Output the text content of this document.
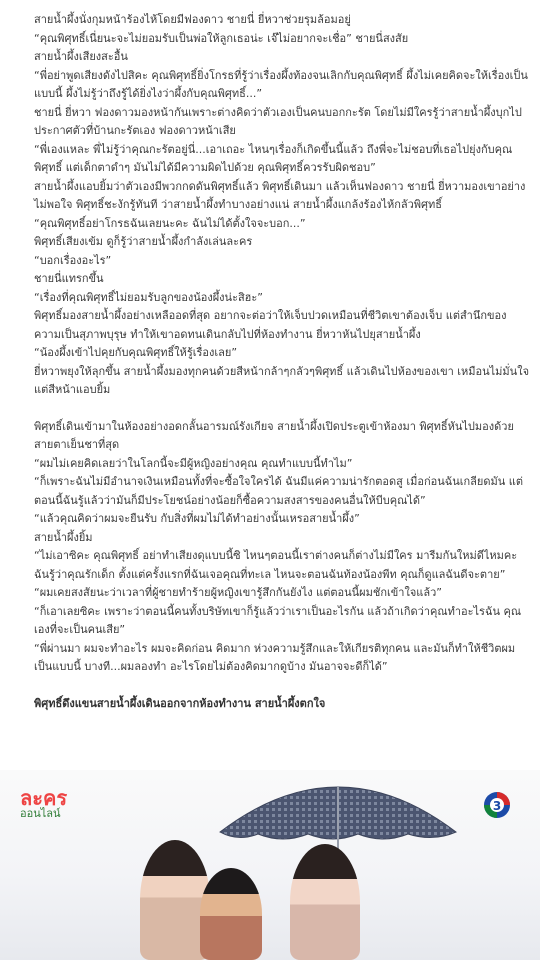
สายน้ำผึ้งนั่งกุมหน้าร้องไห้โดยมีฟองดาว ชายนี่ ยี่หวาช่วยรุมล้อมอยู่

“คุณพิศุทธิ์เนี่ยนะจะไม่ยอมรับเป็นพ่อให้ลูกเธอน่ะ เจ๊ไม่อยากจะเชื่อ” ชายนี่สงสัย

สายน้ำผึ้งเสียงสะอื้น

“พี่อย่าพูดเสียงดังไปสิคะ คุณพิศุทธิ์ยิ่งโกรธที่รู้ว่าเรื่องผึ้งท้องจนเลิกกับคุณพิศุทธิ์ ผึ้งไม่เคยคิดจะให้เรื่องเป็นแบบนี้ ผึ้งไม่รู้ว่าถึงรู้ได้ยิ่งไงว่าผึ้งกับคุณพิศุทธิ์...”

ชายนี่ ยี่หวา ฟองดาวมองหน้ากันเพราะต่างคิดว่าตัวเองเป็นคนบอกกะรัต โดยไม่มีใครรู้ว่าสายน้ำผึ้งบุกไปประกาศตัวที่บ้านกะรัตเอง ฟองดาวหน้าเสีย

“พี่เองแหละ พี่ไม่รู้ว่าคุณกะรัตอยู่นี่...เอาเถอะ ไหนๆเรื่องก็เกิดขึ้นนี้แล้ว ถึงพี่จะไม่ชอบที่เธอไปยุ่งกับคุณพิศุทธิ์ แต่เด็กตาดำๆ มันไม่ได้มีความผิดไปด้วย คุณพิศุทธิ์ควรรับผิดชอบ”

สายน้ำผึ้งแอบยิ้มว่าตัวเองมีพวกกดดันพิศุทธิ์แล้ว พิศุทธิ์เดินมา แล้วเห็นฟองดาว ชายนี่ ยี่หวามองเขาอย่างไม่พอใจ พิศุทธิ์ชะงักรู้ทันที ว่าสายน้ำผึ้งทำบางอย่างแน่ สายน้ำผึ้งแกล้งร้องไห้กลัวพิศุทธิ์

“คุณพิศุทธิ์อย่าโกรธฉันเลยนะคะ ฉันไม่ได้ตั้งใจจะบอก...”

พิศุทธิ์เสียงเข้ม ดูก็รู้ว่าสายน้ำผึ้งกำลังเล่นละคร

“บอกเรื่องอะไร”

ชายนี่แทรกขึ้น

“เรื่องที่คุณพิศุทธิ์ไม่ยอมรับลูกของน้องผึ้งน่ะสิฮะ”

พิศุทธิ์มองสายน้ำผึ้งอย่างเหลืออดที่สุด อยากจะต่อว่าให้เจ็บปวดเหมือนที่ชีวิตเขาต้องเจ็บ แต่สำนึกของความเป็นสุภาพบุรุษ ทำให้เขาอดทนเดินกลับไปที่ห้องทำงาน ยี่หวาหันไปยุสายน้ำผึ้ง

“น้องผึ้งเข้าไปคุยกับคุณพิศุทธิ์ให้รู้เรื่องเลย”

ยี่หวาพยุงให้ลุกขึ้น สายน้ำผึ้งมองทุกคนด้วยสีหน้ากล้าๆกลัวๆพิศุทธิ์ แล้วเดินไปห้องของเขา เหมือนไม่มั่นใจ แต่สีหน้าแอบยิ้ม

พิศุทธิ์เดินเข้ามาในห้องอย่างอดกลั้นอารมณ์รังเกียจ สายน้ำผึ้งเปิดประตูเข้าห้องมา พิศุทธิ์หันไปมองด้วยสายตาเย็นชาที่สุด

“ผมไม่เคยคิดเลยว่าในโลกนี้จะมีผู้หญิงอย่างคุณ คุณทำแบบนี้ทำไม”

“ก็เพราะฉันไม่มีอำนาจเงินเหมือนทั้งที่จะซื้อใจใครได้ ฉันมีแค่ความน่ารักตอดสู เมื่อก่อนฉันเกลียดมัน แต่ตอนนี้ฉันรู้แล้วว่ามันก็มีประโยชน์อย่างน้อยก็ซื้อความสงสารของคนอื่นให้บีบคุณได้”

“แล้วคุณคิดว่าผมจะยืนรับ กับสิ่งที่ผมไม่ได้ทำอย่างนั้นเหรอสายน้ำผึ้ง”

สายน้ำผึ้งยิ้ม

“ไม่เอาซิคะ คุณพิศุทธิ์ อย่าทำเสียงดุแบบนี้ซิ ไหนๆตอนนี้เราต่างคนก็ต่างไม่มีใคร มารีมกันใหม่ดีไหมคะ ฉันรู้ว่าคุณรักเด็ก ตั้งแต่ครั้งแรกที่ฉันเจอคุณที่ทะเล ไหนจะตอนฉันท้องน้องพีท คุณก็ดูแลฉันดีจะตาย”

“ผมเคยสงสัยนะว่าเวลาที่ผู้ชายทำร้ายผู้หญิงเขารู้สึกกันยังไง แต่ตอนนี้ผมชักเข้าใจแล้ว”

“ก็เอาเลยซิคะ เพราะว่าตอนนี้คนทั้งบริษัทเขาก็รู้แล้วว่าเราเป็นอะไรกัน แล้วถ้าเกิดว่าคุณทำอะไรฉัน คุณเองที่จะเป็นคนเสีย”

“พี่ผ่านมา ผมจะทำอะไร ผมจะคิดก่อน คิดมาก ห่วงความรู้สึกและให้เกียรติทุกคน และมันก็ทำให้ชีวิตผมเป็นแบบนี้ บางที...ผมลองทำ อะไรโดยไม่ต้องคิดมากดูบ้าง มันอาจจะดีก็ได้”

พิศุทธิ์ดึงแขนสายน้ำผึ้งเดินออกจากห้องทำงาน สายน้ำผึ้งตกใจ

ละคร
ออนไลน์
3
